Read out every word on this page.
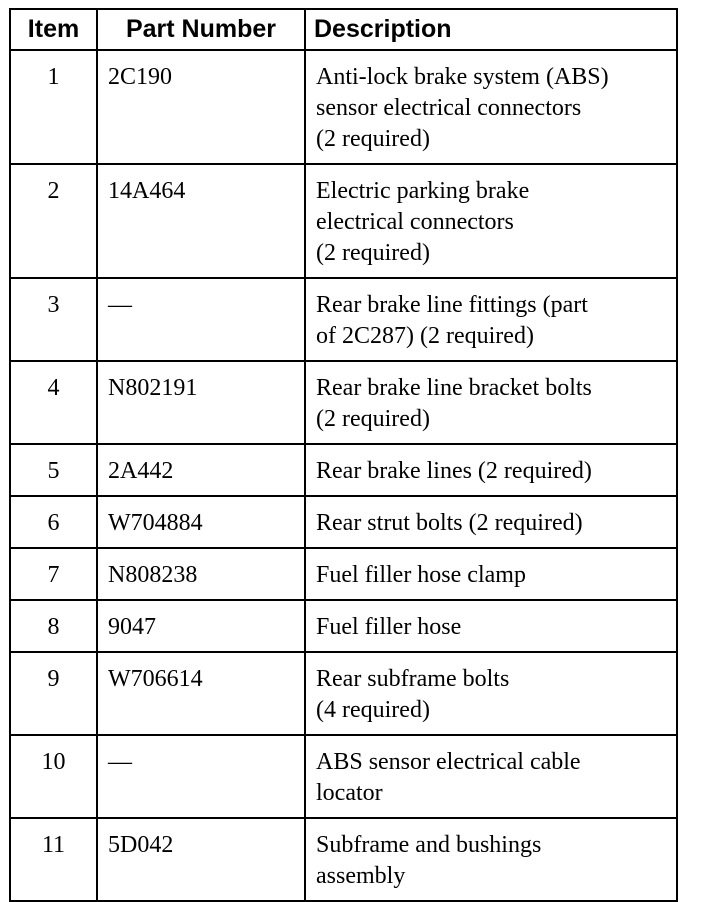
Item	Part Number	Description
1	2C190	Anti-lock brake system (ABS)
sensor electrical connectors
(2 required)
2	14A464	Electric parking brake
electrical connectors
(2 required)
3	—	Rear brake line fittings (part
of 2C287) (2 required)
4	N802191	Rear brake line bracket bolts
(2 required)
5	2A442	Rear brake lines (2 required)
6	W704884	Rear strut bolts (2 required)
7	N808238	Fuel filler hose clamp
8	9047	Fuel filler hose
9	W706614	Rear subframe bolts
(4 required)
10	—	ABS sensor electrical cable
locator
11	5D042	Subframe and bushings
assembly
